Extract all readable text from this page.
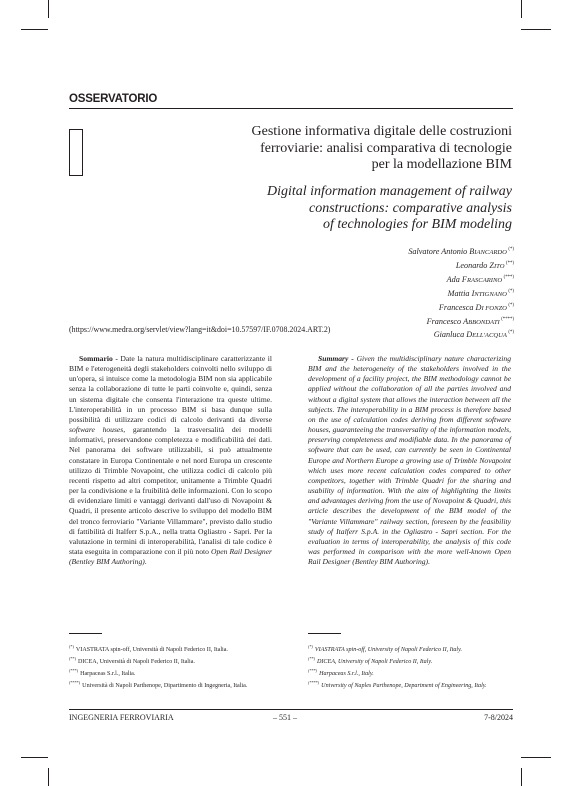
OSSERVATORIO
Gestione informativa digitale delle costruzioni
ferroviarie: analisi comparativa di tecnologie
per la modellazione BIM
Digital information management of railway
constructions: comparative analysis
of technologies for BIM modeling
Salvatore Antonio BIANCARDO (*)
Leonardo ZITO (**)
Ada FRASCARINO (***)
Mattia INTIGNANO (*)
Francesca DI FONZO (*)
Francesco ABBONDATI (****)
Gianluca DELL'ACQUA (*)
(https://www.medra.org/servlet/view?lang=it&doi=10.57597/IF.0708.2024.ART.2)
Sommario - Date la natura multidisciplinare caratterizzante il BIM e l'eterogeneità degli stakeholders coinvolti nello sviluppo di un'opera, si intuisce come la metodologia BIM non sia applicabile senza la collaborazione di tutte le parti coinvolte e, quindi, senza un sistema digitale che consenta l'interazione tra queste ultime. L'interoperabilità in un processo BIM si basa dunque sulla possibilità di utilizzare codici di calcolo derivanti da diverse software houses, garantendo la trasversalità dei modelli informativi, preservandone completezza e modificabilità dei dati. Nel panorama dei software utilizzabili, si può attualmente constatare in Europa Continentale e nel nord Europa un crescente utilizzo di Trimble Novapoint, che utilizza codici di calcolo più recenti rispetto ad altri competitor, unitamente a Trimble Quadri per la condivisione e la fruibilità delle informazioni. Con lo scopo di evidenziare limiti e vantaggi derivanti dall'uso di Novapoint & Quadri, il presente articolo descrive lo sviluppo del modello BIM del tronco ferroviario "Variante Villammare", previsto dallo studio di fattibilità di Italferr S.p.A., nella tratta Ogliastro - Sapri. Per la valutazione in termini di interoperabilità, l'analisi di tale codice è stata eseguita in comparazione con il più noto Open Rail Designer (Bentley BIM Authoring).
Summary - Given the multidisciplinary nature characterizing BIM and the heterogeneity of the stakeholders involved in the development of a facility project, the BIM methodology cannot be applied without the collaboration of all the parties involved and without a digital system that allows the interaction between all the subjects. The interoperability in a BIM process is therefore based on the use of calculation codes deriving from different software houses, guaranteeing the transversality of the information models, preserving completeness and modifiable data. In the panorama of software that can be used, can currently be seen in Continental Europe and Northern Europe a growing use of Trimble Novapoint which uses more recent calculation codes compared to other competitors, together with Trimble Quadri for the sharing and usability of information. With the aim of highlighting the limits and advantages deriving from the use of Novapoint & Quadri, this article describes the development of the BIM model of the "Variante Villammare" railway section, foreseen by the feasibility study of Italferr S.p.A. in the Ogliastro - Sapri section. For the evaluation in terms of interoperability, the analysis of this code was performed in comparison with the more well-known Open Rail Designer (Bentley BIM Authoring).
(*)VIASTRATA spin-off, Università di Napoli Federico II, Italia.
(**)DICEA, Università di Napoli Federico II, Italia.
(***)Harpaceas S.r.l., Italia.
(****)Università di Napoli Parthenope, Dipartimento di Ingegneria, Italia.
(*)VIASTRATA spin-off, University of Napoli Federico II, Italy.
(**)DICEA, University of Napoli Federico II, Italy.
(***)Harpaceas S.r.l., Italy.
(****)University of Naples Parthenope, Department of Engineering, Italy.
INGEGNERIA FERROVIARIA	– 551 –	7-8/2024
